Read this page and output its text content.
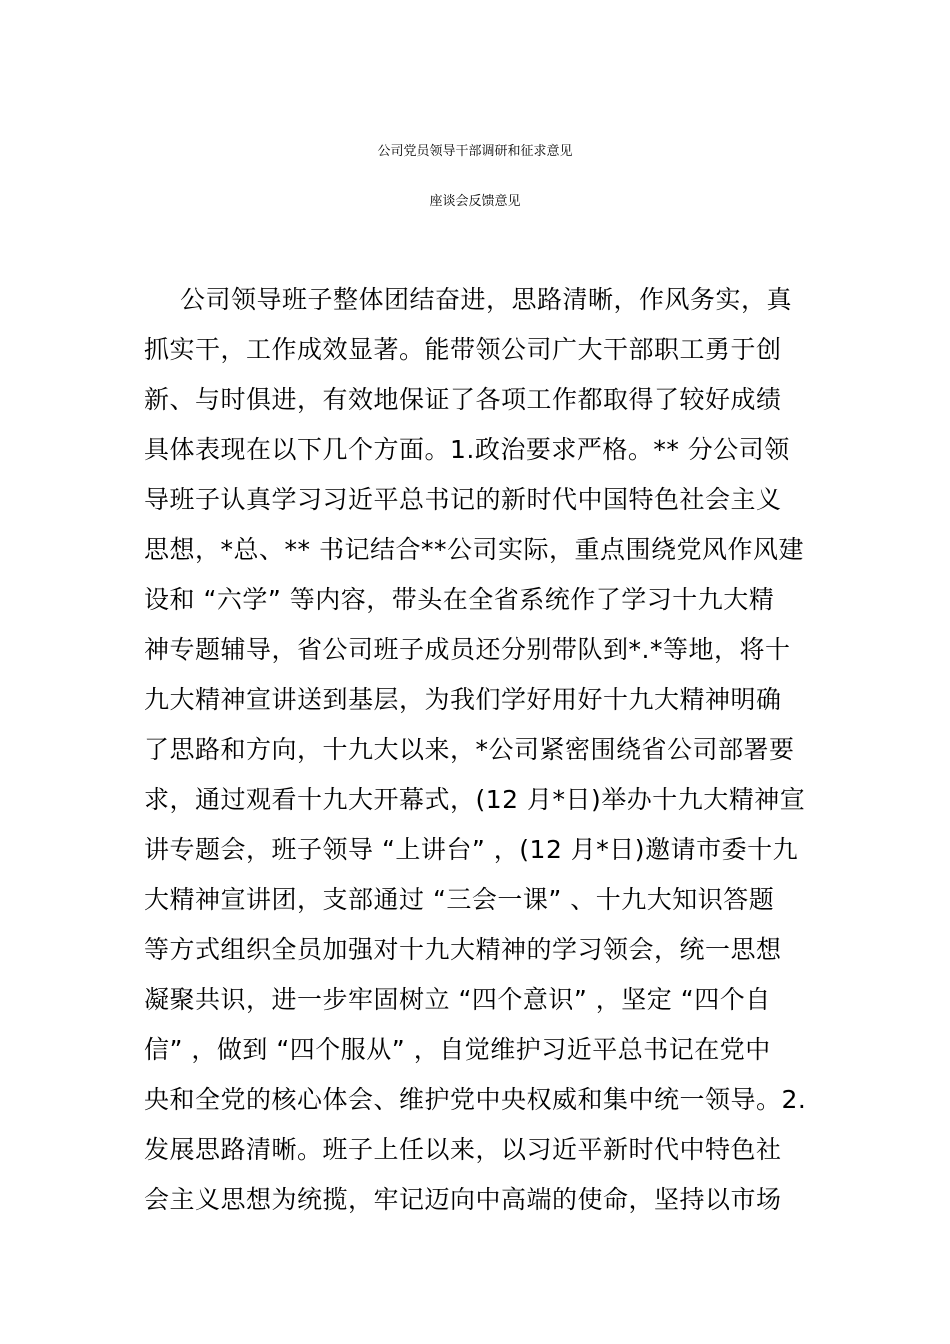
公司党员领导干部调研和征求意见
座谈会反馈意见
公司领导班子整体团结奋进，思路清晰，作风务实，真
抓实干，工作成效显著。能带领公司广大干部职工勇于创
新、与时俱进，有效地保证了各项工作都取得了较好成绩
具体表现在以下几个方面。1.政治要求严格。** 分公司领
导班子认真学习习近平总书记的新时代中国特色社会主义
思想，*总、** 书记结合**公司实际，重点围绕党风作风建
设和 “六学” 等内容，带头在全省系统作了学习十九大精
神专题辅导，省公司班子成员还分别带队到*.*等地，将十
九大精神宣讲送到基层，为我们学好用好十九大精神明确
了思路和方向，十九大以来，*公司紧密围绕省公司部署要
求，通过观看十九大开幕式，(12 月*日)举办十九大精神宣
讲专题会，班子领导 “上讲台” ，(12 月*日)邀请市委十九
大精神宣讲团，支部通过 “三会一课” 、十九大知识答题
等方式组织全员加强对十九大精神的学习领会，统一思想
凝聚共识，进一步牢固树立 “四个意识” ，坚定 “四个自
信” ，做到 “四个服从” ，自觉维护习近平总书记在党中
央和全党的核心体会、维护党中央权威和集中统一领导。2.
发展思路清晰。班子上任以来，以习近平新时代中特色社
会主义思想为统揽，牢记迈向中高端的使命，坚持以市场
